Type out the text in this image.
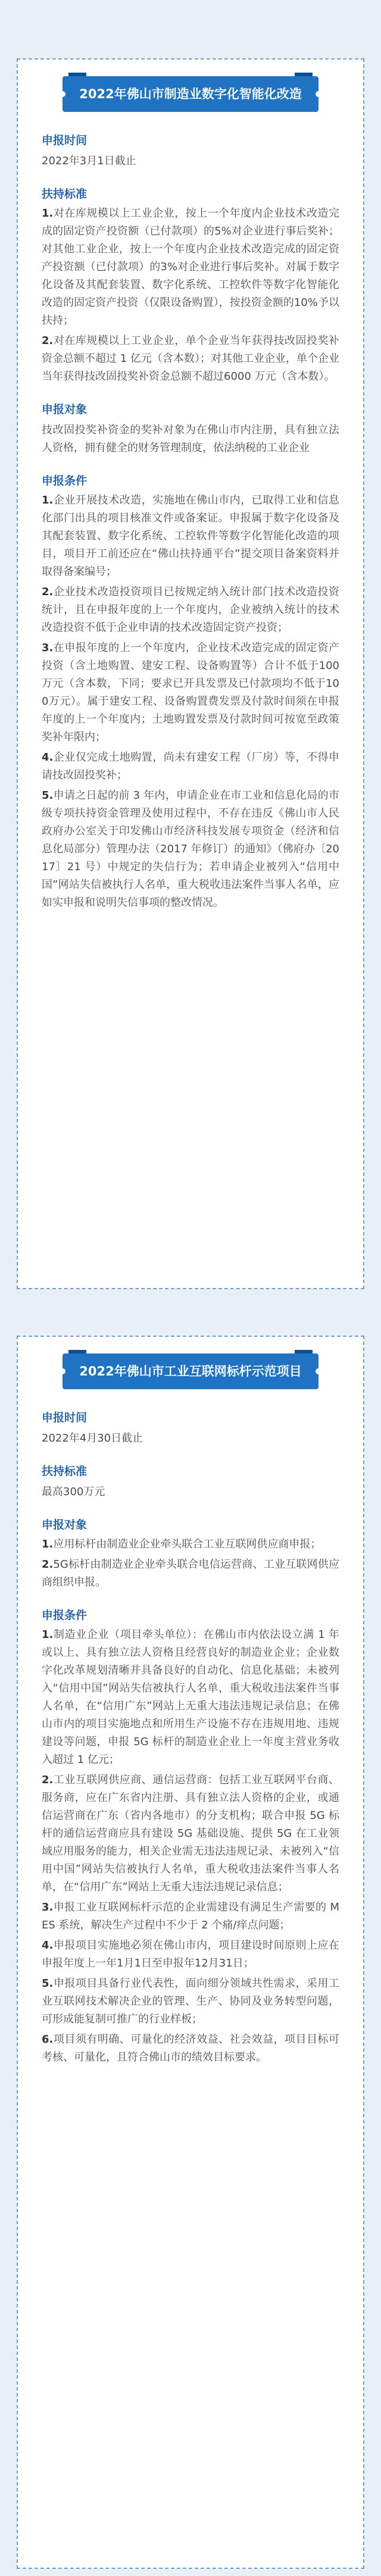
2022年佛山市制造业数字化智能化改造
申报时间
2022年3月1日截止
扶持标准
1.对在库规模以上工业企业，按上一个年度内企业技术改造完成的固定资产投资额（已付款项）的5%对企业进行事后奖补；对其他工业企业，按上一个年度内企业技术改造完成的固定资产投资额（已付款项）的3%对企业进行事后奖补。对属于数字化设备及其配套装置、数字化系统、工控软件等数字化智能化改造的固定资产投资（仅限设备购置），按投资金额的10%予以扶持；
2.对在库规模以上工业企业，单个企业当年获得技改固投奖补资金总额不超过 1 亿元（含本数）；对其他工业企业，单个企业当年获得技改固投奖补资金总额不超过6000 万元（含本数）。
申报对象
技改固投奖补资金的奖补对象为在佛山市内注册，具有独立法人资格，拥有健全的财务管理制度，依法纳税的工业企业
申报条件
1.企业开展技术改造，实施地在佛山市内，已取得工业和信息化部门出具的项目核准文件或备案证。申报属于数字化设备及其配套装置、数字化系统、工控软件等数字化智能化改造的项目，项目开工前还应在“佛山扶持通平台”提交项目备案资料并取得备案编号；
2.企业技术改造投资项目已按规定纳入统计部门技术改造投资统计，且在申报年度的上一个年度内，企业被纳入统计的技术改造投资不低于企业申请的技术改造固定资产投资；
3.在申报年度的上一个年度内，企业技术改造完成的固定资产投资（含土地购置、建安工程、设备购置等）合计不低于100 万元（含本数，下同；要求已开具发票及已付款项均不低于100万元）。属于建安工程、设备购置费发票及付款时间须在申报年度的上一个年度内；土地购置发票及付款时间可按宽至政策奖补年限内；
4.企业仅完成土地购置，尚未有建安工程（厂房）等，不得申请技改固投奖补；
5.申请之日起的前 3 年内，申请企业在市工业和信息化局的市级专项扶持资金管理及使用过程中，不存在违反《佛山市人民政府办公室关于印发佛山市经济科技发展专项资金（经济和信息化局部分）管理办法（2017 年修订）的通知》（佛府办〔2017〕21 号）中规定的失信行为；若申请企业被列入“信用中国”网站失信被执行人名单，重大税收违法案件当事人名单，应如实申报和说明失信事项的整改情况。
2022年佛山市工业互联网标杆示范项目
申报时间
2022年4月30日截止
扶持标准
最高300万元
申报对象
1.应用标杆由制造业企业牵头联合工业互联网供应商申报；
2.5G标杆由制造业企业牵头联合电信运营商、工业互联网供应商组织申报。
申报条件
1.制造业企业（项目牵头单位）：在佛山市内依法设立满 1 年或以上、具有独立法人资格且经营良好的制造业企业；企业数字化改革规划清晰并具备良好的自动化、信息化基础；未被列入“信用中国”网站失信被执行人名单，重大税收违法案件当事人名单，在“信用广东”网站上无重大违法违规记录信息；在佛山市内的项目实施地点和所用生产设施不存在违规用地、违规建设等问题，申报 5G 标杆的制造业企业上一年度主营业务收入超过 1 亿元；
2.工业互联网供应商、通信运营商：包括工业互联网平台商、服务商，应在广东省内注册、具有独立法人资格的企业，或通信运营商在广东（省内各地市）的分支机构；联合申报 5G 标杆的通信运营商应具有建设 5G 基础设施、提供 5G 在工业领域应用服务的能力，相关企业需无违法违规记录、未被列入“信用中国”网站失信被执行人名单，重大税收违法案件当事人名单，在“信用广东”网站上无重大违法违规记录信息；
3.申报工业互联网标杆示范的企业需建设有满足生产需要的 MES 系统，解决生产过程中不少于 2 个痛/痒点问题；
4.申报项目实施地必须在佛山市内，项目建设时间原则上应在申报年度上一年1月1日至申报年12月31日；
5.申报项目具备行业代表性，面向细分领域共性需求，采用工业互联网技术解决企业的管理、生产、协同及业务转型问题，可形成能复制可推广的行业样板；
6.项目须有明确、可量化的经济效益、社会效益，项目目标可考核、可量化，且符合佛山市的绩效目标要求。
